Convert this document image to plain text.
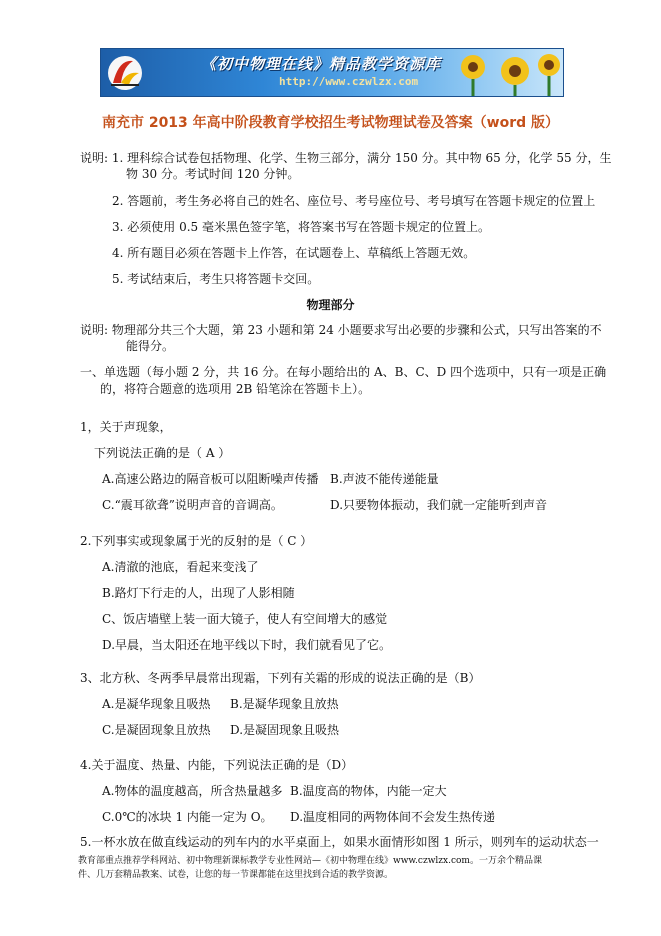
《初中物理在线》精品教学资源库
http://www.czwlzx.com
南充市 2013 年高中阶段教育学校招生考试物理试卷及答案（word 版）
说明: 1. 理科综合试卷包括物理、化学、生物三部分，满分 150 分。其中物 65 分，化学 55 分，生
物 30 分。考试时间 120 分钟。
2. 答题前，考生务必将自己的姓名、座位号、考号座位号、考号填写在答题卡规定的位置上
3. 必须使用 0.5 毫米黑色签字笔，将答案书写在答题卡规定的位置上。
4. 所有题目必须在答题卡上作答，在试题卷上、草稿纸上答题无效。
5. 考试结束后，考生只将答题卡交回。
物理部分
说明: 物理部分共三个大题，第 23 小题和第 24 小题要求写出必要的步骤和公式，只写出答案的不
能得分。
一、单选题（每小题 2 分，共 16 分。在每小题给出的 A、B、C、D 四个选项中，只有一项是正确
的，将符合题意的选项用 2B 铅笔涂在答题卡上）。
1，关于声现象，
下列说法正确的是（ A ）
A.高速公路边的隔音板可以阻断噪声传播 B.声波不能传递能量
C.“震耳欲聋”说明声音的音调高。	D.只要物体振动，我们就一定能听到声音
2.下列事实或现象属于光的反射的是（ C ）
A.清澈的池底，看起来变浅了
B.路灯下行走的人，出现了人影相随
C、饭店墙壁上装一面大镜子，使人有空间增大的感觉
D.早晨，当太阳还在地平线以下时，我们就看见了它。
3、北方秋、冬两季早晨常出现霜，下列有关霜的形成的说法正确的是（B）
A.是凝华现象且吸热 B.是凝华现象且放热
C.是凝固现象且放热 D.是凝固现象且吸热
4.关于温度、热量、内能，下列说法正确的是（D）
A.物体的温度越高，所含热量越多 B.温度高的物体，内能一定大
C.0℃的冰块 1 内能一定为 O。 D.温度相同的两物体间不会发生热传递
5.一杯水放在做直线运动的列车内的水平桌面上，如果水面情形如图 1 所示，则列车的运动状态一
教育部重点推荐学科网站、初中物理新课标教学专业性网站—《初中物理在线》www.czwlzx.com。一万余个精品课
件、几万套精品教案、试卷，让您的每一节课都能在这里找到合适的教学资源。
